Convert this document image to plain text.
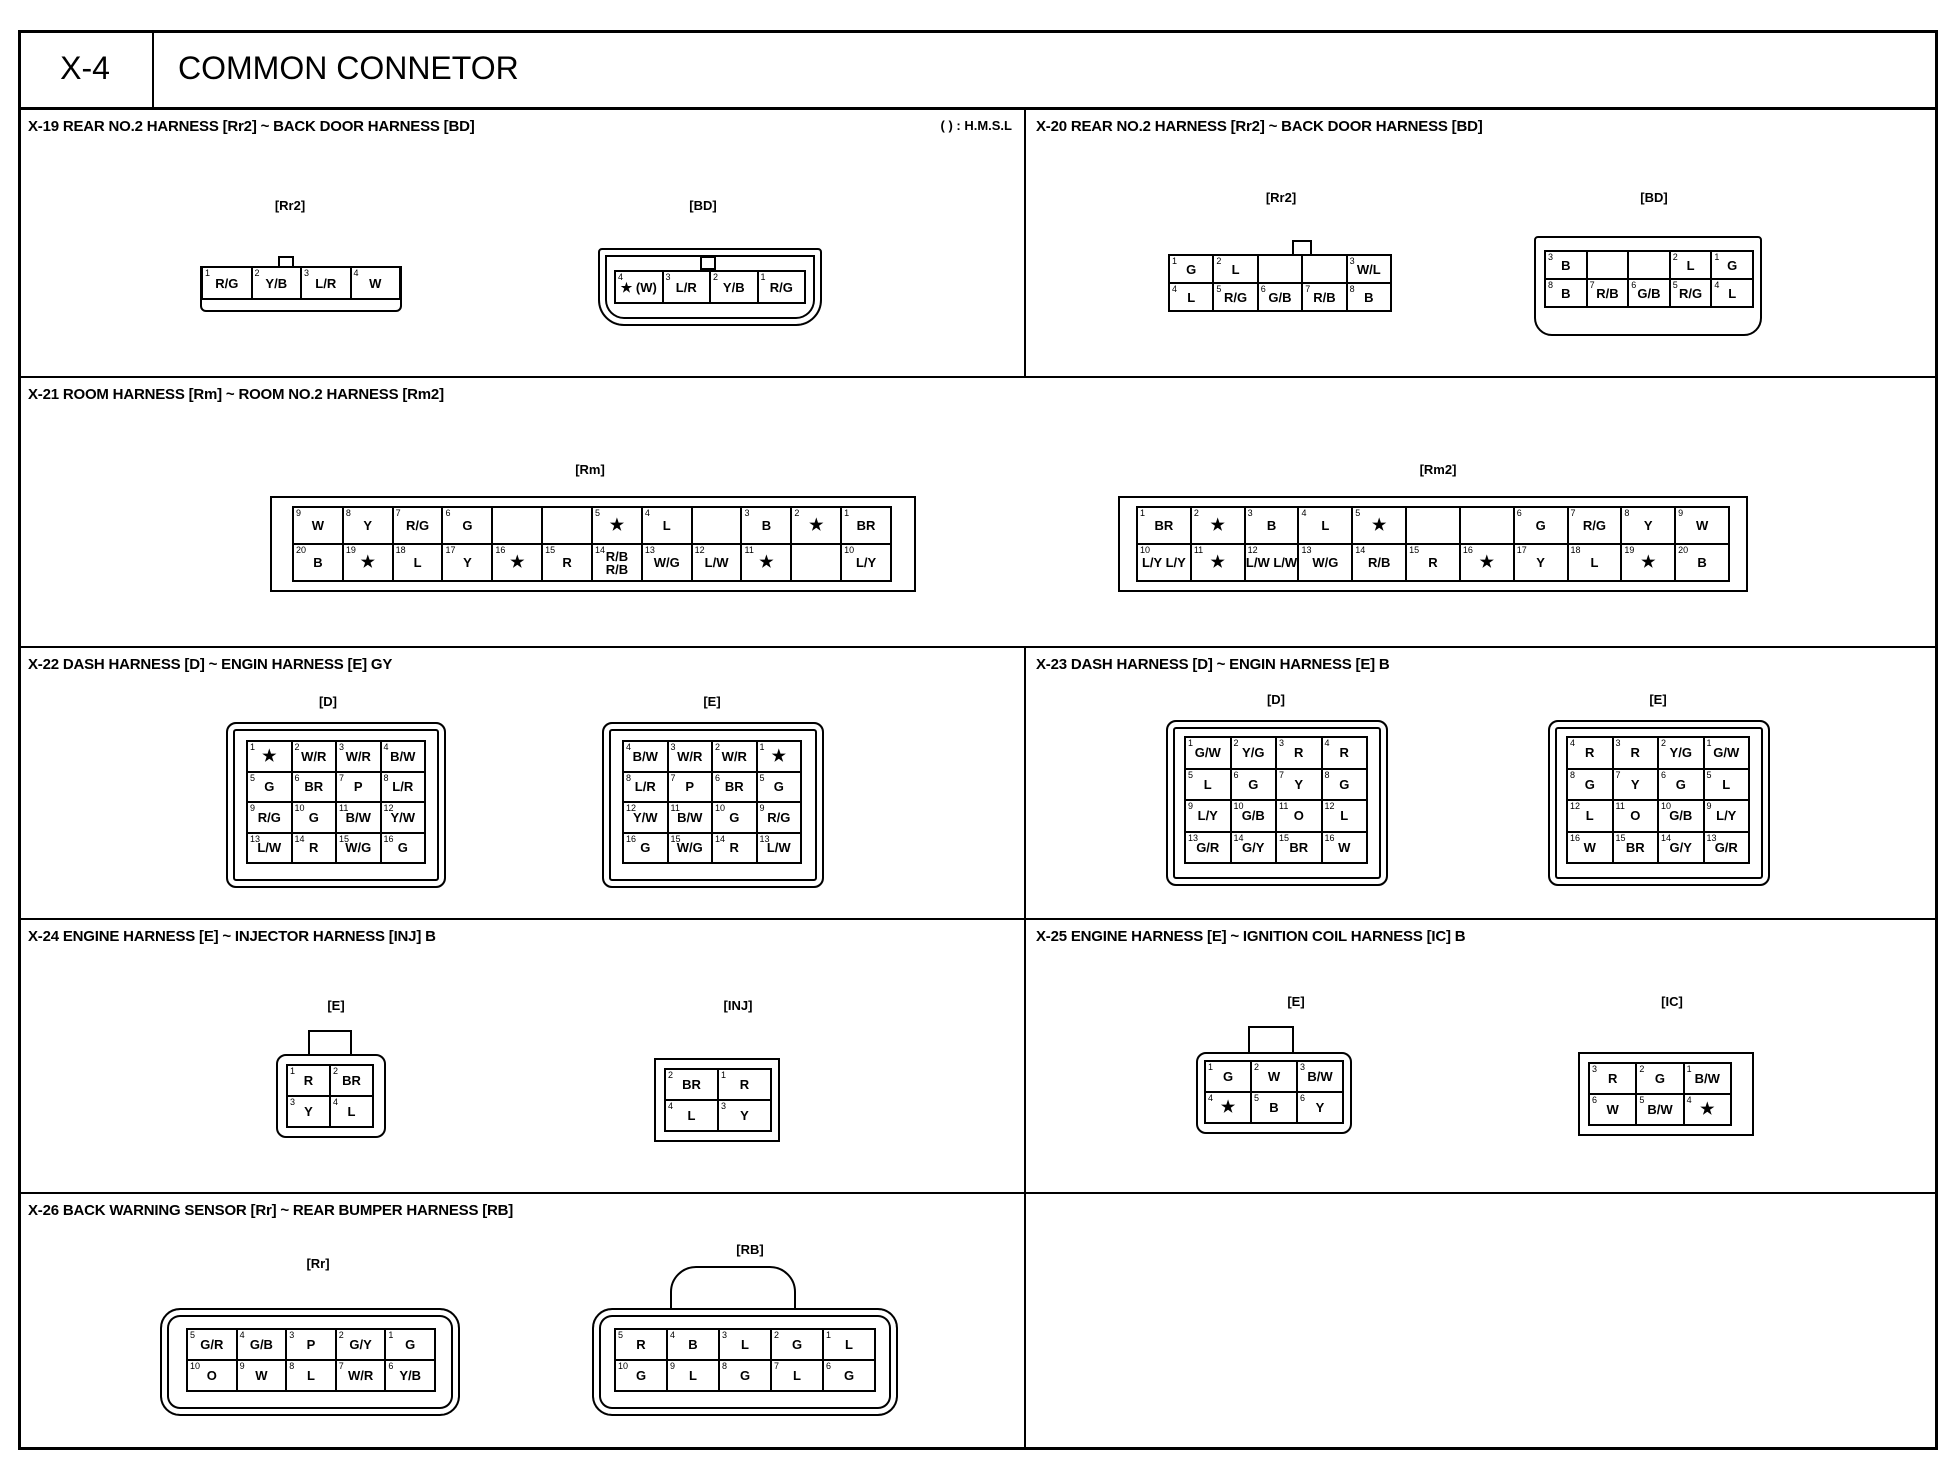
X-4	COMMON CONNETOR
X-19 REAR NO.2 HARNESS [Rr2] ~ BACK DOOR HARNESS [BD]	( ) : H.M.S.L
[Rr2]
1
R/G
2
Y/B
3
L/R
4
W
[BD]
4
★ (W)
3
L/R
2
Y/B
1
R/G
X-20 REAR NO.2 HARNESS [Rr2] ~ BACK DOOR HARNESS [BD]
[Rr2]
1
G
2
L
3
W/L
4
L
5
R/G
6
G/B
7
R/B
8
B
[BD]
3
B
2
L
1
G
8
B
7
R/B
6
G/B
5
R/G
4
L
X-21 ROOM HARNESS [Rm] ~ ROOM NO.2 HARNESS [Rm2]
[Rm]
9
W
8
Y
7
R/G
6
G
5
★
4
L
3
B
2
★
1
BR
20
B
19
★
18
L
17
Y
16
★
15
R
14 R/B R/B
13
W/G
12
L/W
11
★
10
L/Y
[Rm2]
1
BR
2
★
3
B
4
L
5
★
6
G
7
R/G
8
Y
9
W
10
L/Y L/Y
11
★
12
L/W L/W
13
W/G
14
R/B
15
R
16
★
17
Y
18
L
19
★
20
B
X-22 DASH HARNESS [D] ~ ENGIN HARNESS [E] GY
[D]
1
★
2
W/R
3
W/R
4
B/W
5
G
6
BR
7
P
8
L/R
9
R/G
10
G
11
B/W
12
Y/W
13
L/W
14
R
15
W/G
16
G
[E]
4
B/W
3
W/R
2
W/R
1
★
8
L/R
7
P
6
BR
5
G
12
Y/W
11
B/W
10
G
9
R/G
16
G
15
W/G
14
R
13
L/W
X-23 DASH HARNESS [D] ~ ENGIN HARNESS [E] B
[D]
1
G/W
2
Y/G
3
R
4
R
5
L
6
G
7
Y
8
G
9
L/Y
10
G/B
11
O
12
L
13
G/R
14
G/Y
15
BR
16
W
[E]
4
R
3
R
2
Y/G
1
G/W
8
G
7
Y
6
G
5
L
12
L
11
O
10
G/B
9
L/Y
16
W
15
BR
14
G/Y
13
G/R
X-24 ENGINE HARNESS [E] ~ INJECTOR HARNESS [INJ] B
[E]
1
R
2
BR
3
Y
4
L
[INJ]
2
BR
1
R
4
L
3
Y
X-25 ENGINE HARNESS [E] ~ IGNITION COIL HARNESS [IC] B
[E]
1
G
2
W
3
B/W
4
★
5
B
6
Y
[IC]
3
R
2
G
1
B/W
6
W
5
B/W
4
★
X-26 BACK WARNING SENSOR [Rr] ~ REAR BUMPER HARNESS [RB]
[Rr]
5
G/R
4
G/B
3
P
2
G/Y
1
G
10
O
9
W
8
L
7
W/R
6
Y/B
[RB]
5
R
4
B
3
L
2
G
1
L
10
G
9
L
8
G
7
L
6
G
